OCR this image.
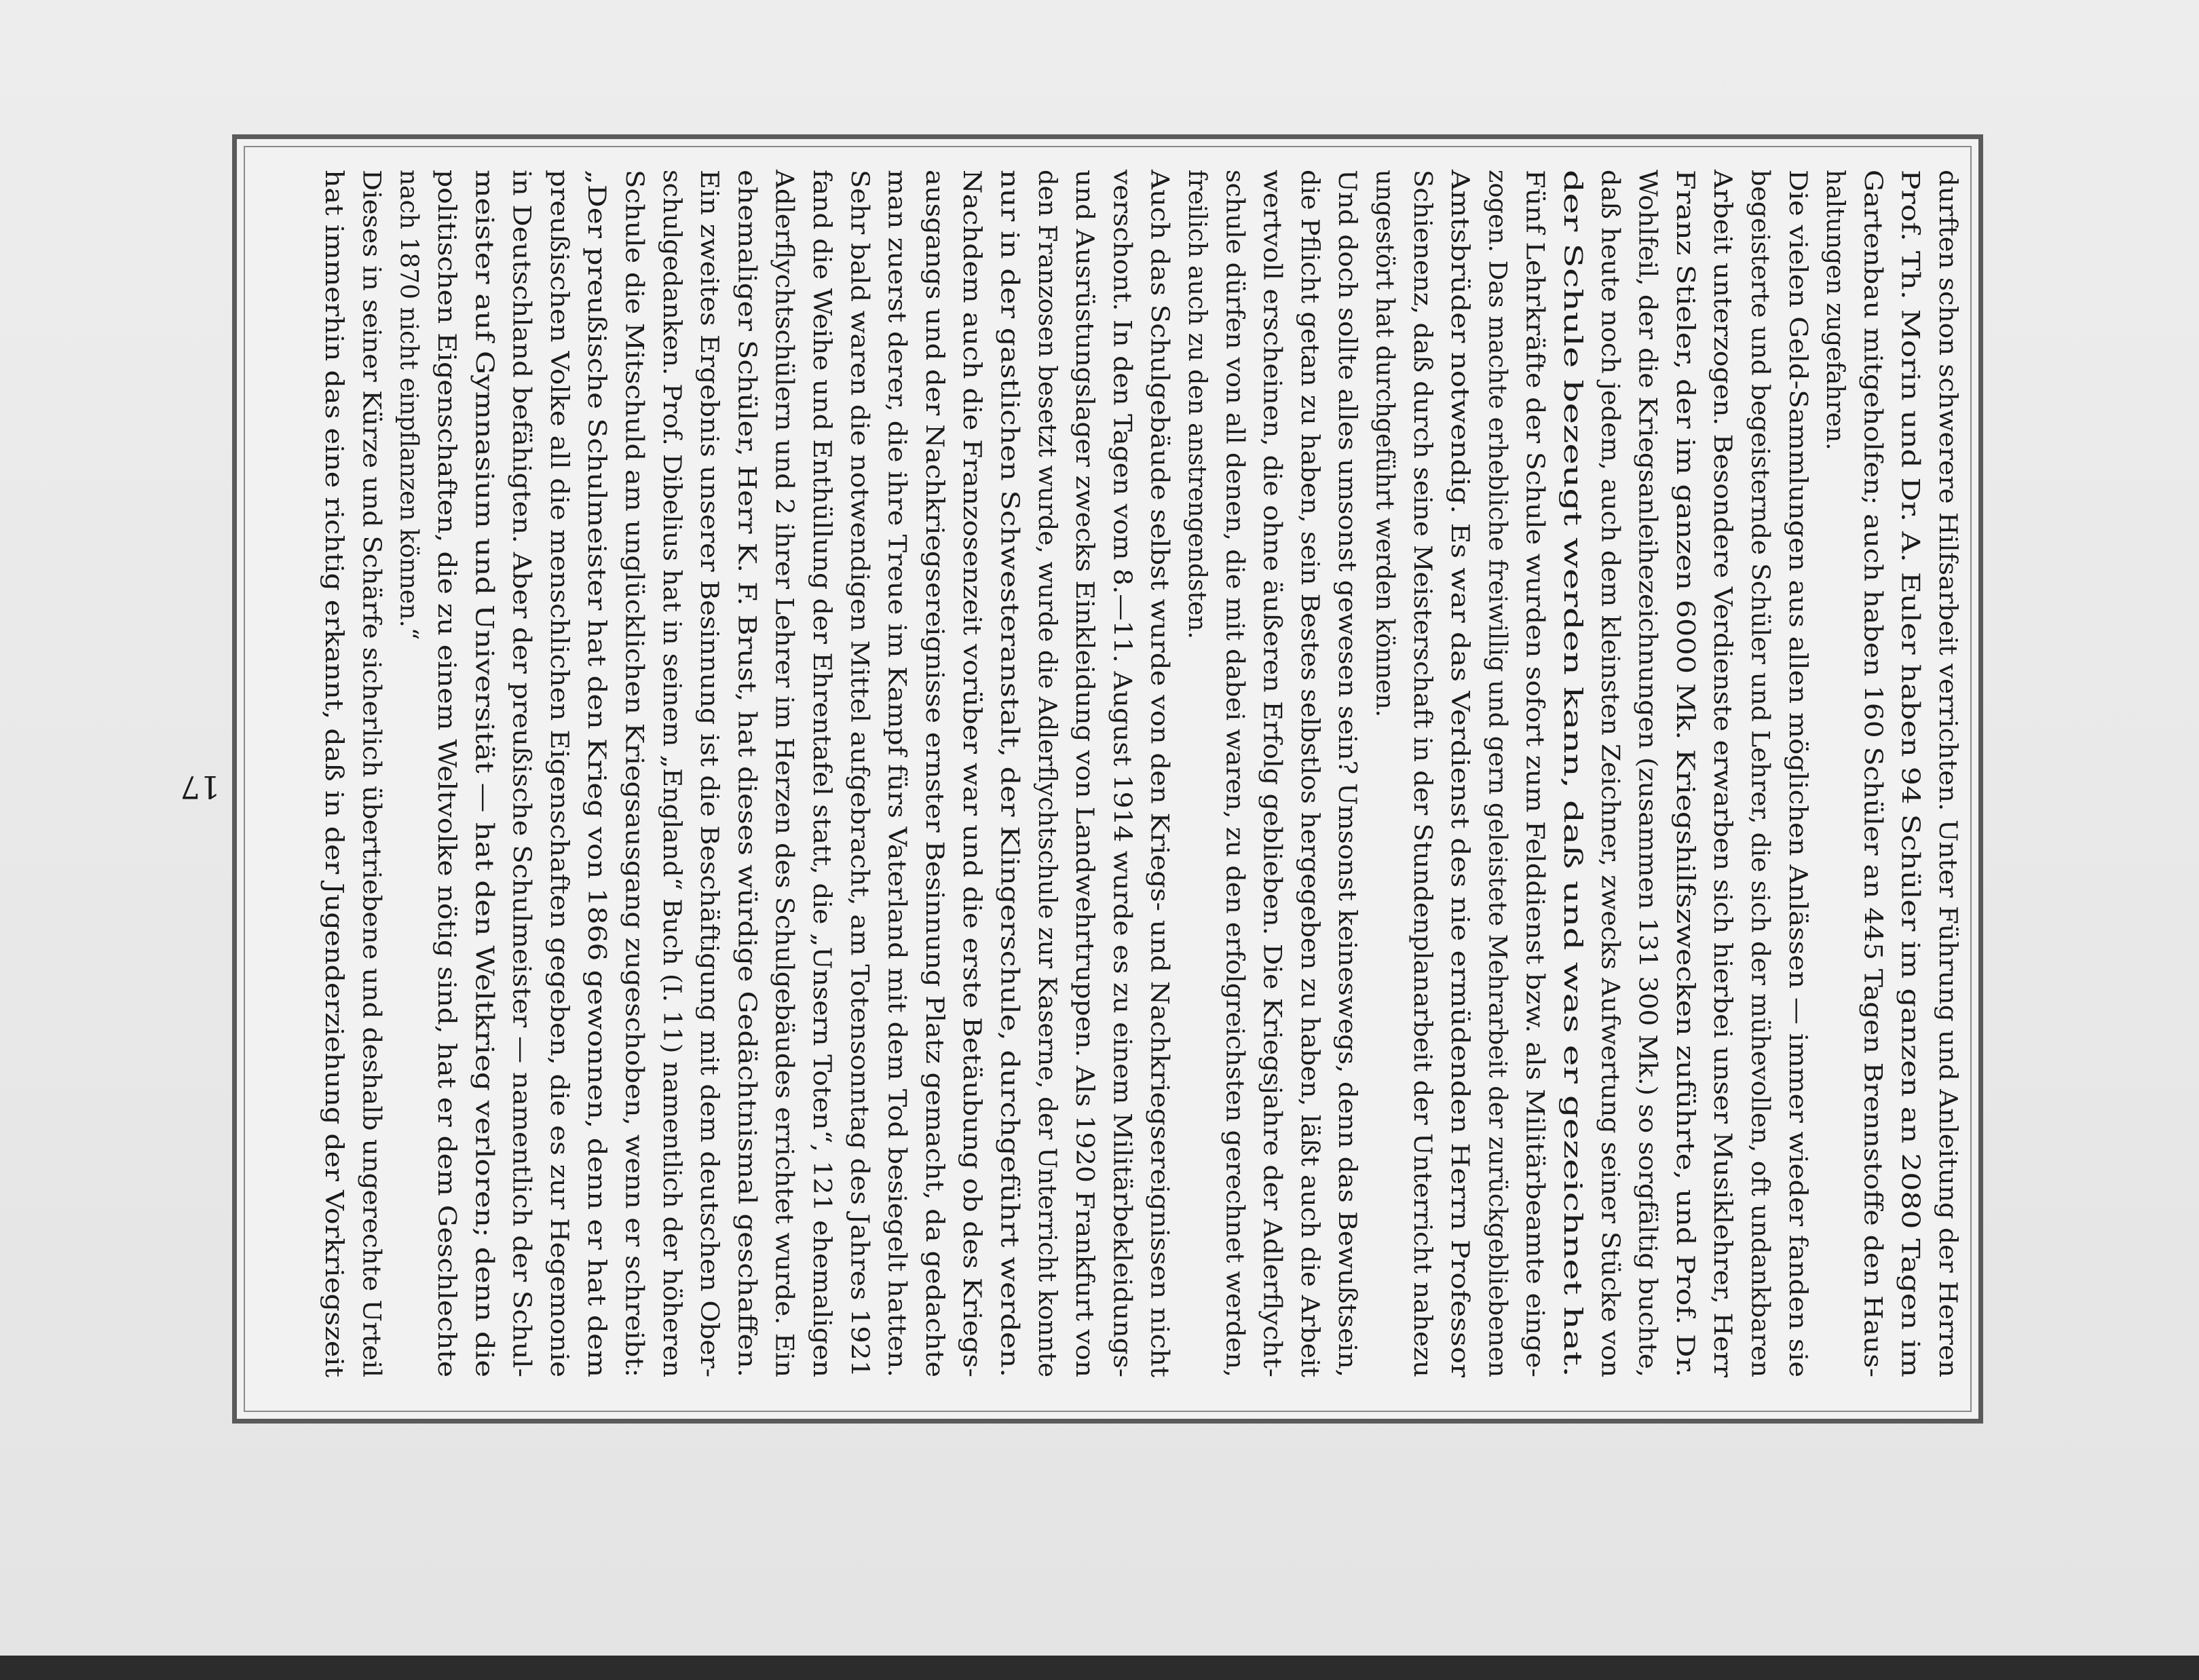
17	durften schon schwerere Hilfsarbeit verrichten. Unter Führung und Anleitung der Herren
Prof. Th. Morin und Dr. A. Euler haben 94 Schüler im ganzen an 2080 Tagen im
Gartenbau mitgeholfen; auch haben 160 Schüler an 445 Tagen Brennstoffe den Haus-
haltungen zugefahren.
Die vielen Geld-Sammlungen aus allen möglichen Anlässen — immer wieder fanden sie
begeisterte und begeisternde Schüler und Lehrer, die sich der mühevollen, oft undankbaren
Arbeit unterzogen. Besondere Verdienste erwarben sich hierbei unser Musiklehrer, Herr
Franz Stieler, der im ganzen 6000 Mk. Kriegshilfszwecken zuführte, und Prof. Dr.
Wohlfeil, der die Kriegsanleihezeichnungen (zusammen 131 300 Mk.) so sorgfältig buchte,
daß heute noch jedem, auch dem kleinsten Zeichner, zwecks Aufwertung seiner Stücke von
der Schule bezeugt werden kann, daß und was er gezeichnet hat.
Fünf Lehrkräfte der Schule wurden sofort zum Felddienst bzw. als Militärbeamte einge-
zogen. Das machte erhebliche freiwillig und gern geleistete Mehrarbeit der zurückgebliebenen
Amtsbrüder notwendig. Es war das Verdienst des nie ermüdenden Herrn Professor
Schienenz, daß durch seine Meisterschaft in der Stundenplanarbeit der Unterricht nahezu
ungestört hat durchgeführt werden können.
Und doch sollte alles umsonst gewesen sein? Umsonst keineswegs, denn das Bewußtsein,
die Pflicht getan zu haben, sein Bestes selbstlos hergegeben zu haben, läßt auch die Arbeit
wertvoll erscheinen, die ohne äußeren Erfolg geblieben. Die Kriegsjahre der Adlerflycht-
schule dürfen von all denen, die mit dabei waren, zu den erfolgreichsten gerechnet werden,
freilich auch zu den anstrengendsten.
Auch das Schulgebäude selbst wurde von den Kriegs- und Nachkriegsereignissen nicht
verschont. In den Tagen vom 8.—11. August 1914 wurde es zu einem Militärbekleidungs-
und Ausrüstungslager zwecks Einkleidung von Landwehrtruppen. Als 1920 Frankfurt von
den Franzosen besetzt wurde, wurde die Adlerflychtschule zur Kaserne, der Unterricht konnte
nur in der gastlichen Schwesteranstalt, der Klingerschule, durchgeführt werden.
Nachdem auch die Franzosenzeit vorüber war und die erste Betäubung ob des Kriegs-
ausgangs und der Nachkriegsereignisse ernster Besinnung Platz gemacht, da gedachte
man zuerst derer, die ihre Treue im Kampf fürs Vaterland mit dem Tod besiegelt hatten.
Sehr bald waren die notwendigen Mittel aufgebracht, am Totensonntag des Jahres 1921
fand die Weihe und Enthüllung der Ehrentafel statt, die „Unsern Toten“, 121 ehemaligen
Adlerflychtschülern und 2 ihrer Lehrer im Herzen des Schulgebäudes errichtet wurde. Ein
ehemaliger Schüler, Herr K. F. Brust, hat dieses würdige Gedächtnismal geschaffen.
Ein zweites Ergebnis unserer Besinnung ist die Beschäftigung mit dem deutschen Ober-
schulgedanken. Prof. Dibelius hat in seinem „England“ Buch (I. 11) namentlich der höheren
Schule die Mitschuld am unglücklichen Kriegsausgang zugeschoben, wenn er schreibt:
„Der preußische Schulmeister hat den Krieg von 1866 gewonnen, denn er hat dem
preußischen Volke all die menschlichen Eigenschaften gegeben, die es zur Hegemonie
in Deutschland befähigten. Aber der preußische Schulmeister — namentlich der Schul-
meister auf Gymnasium und Universität — hat den Weltkrieg verloren; denn die
politischen Eigenschaften, die zu einem Weltvolke nötig sind, hat er dem Geschlechte
nach 1870 nicht einpflanzen können.“
Dieses in seiner Kürze und Schärfe sicherlich übertriebene und deshalb ungerechte Urteil
hat immerhin das eine richtig erkannt, daß in der Jugenderziehung der Vorkriegszeit
